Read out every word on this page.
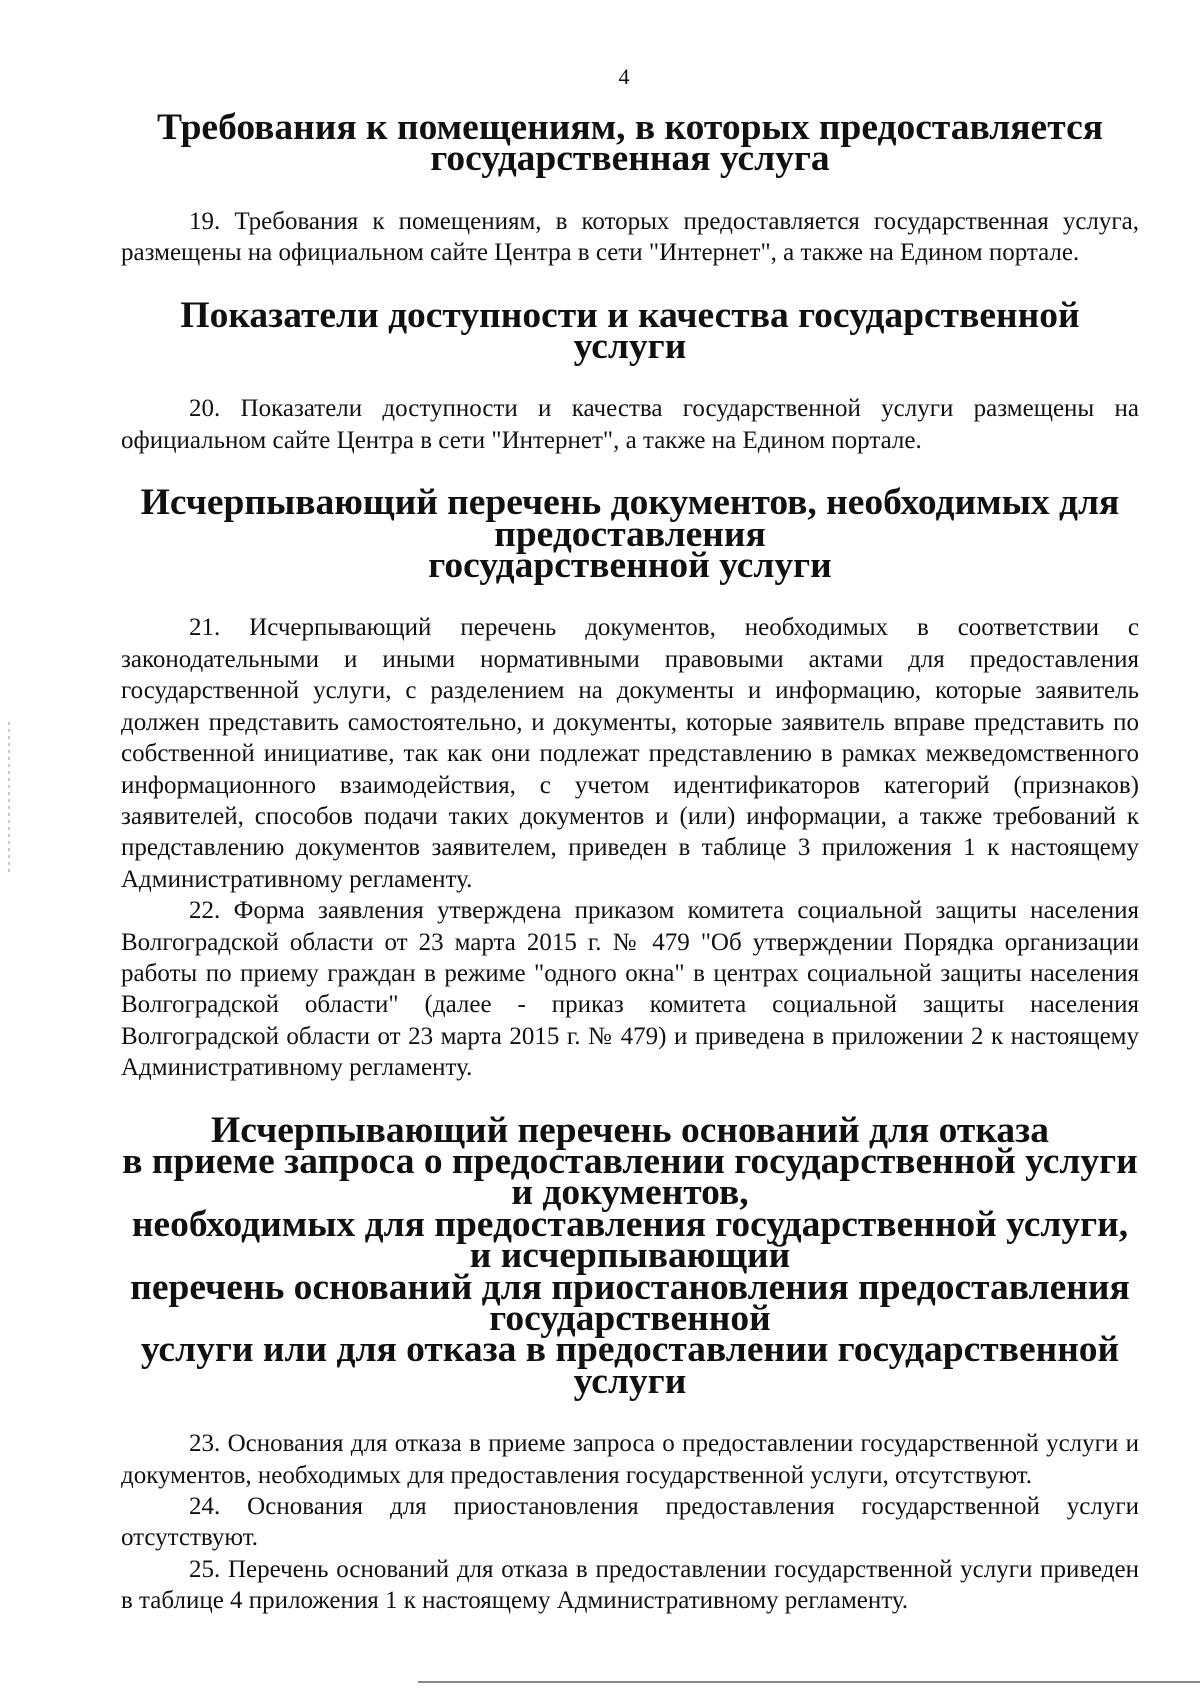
4
Требования к помещениям, в которых предоставляется государственная услуга

19. Требования к помещениям, в которых предоставляется государственная услуга, размещены на официальном сайте Центра в сети "Интернет", а также на Едином портале.

Показатели доступности и качества государственной услуги

20. Показатели доступности и качества государственной услуги размещены на официальном сайте Центра в сети "Интернет", а также на Едином портале.

Исчерпывающий перечень документов, необходимых для предоставления
государственной услуги

21. Исчерпывающий перечень документов, необходимых в соответствии с законодательными и иными нормативными правовыми актами для предоставления государственной услуги, с разделением на документы и информацию, которые заявитель должен представить самостоятельно, и документы, которые заявитель вправе представить по собственной инициативе, так как они подлежат представлению в рамках межведомственного информационного взаимодействия, с учетом идентификаторов категорий (признаков) заявителей, способов подачи таких документов и (или) информации, а также требований к представлению документов заявителем, приведен в таблице 3 приложения 1 к настоящему Административному регламенту.

22. Форма заявления утверждена приказом комитета социальной защиты населения Волгоградской области от 23 марта 2015 г. № 479 "Об утверждении Порядка организации работы по приему граждан в режиме "одного окна" в центрах социальной защиты населения Волгоградской области" (далее - приказ комитета социальной защиты населения Волгоградской области от 23 марта 2015 г. № 479) и приведена в приложении 2 к настоящему Административному регламенту.

Исчерпывающий перечень оснований для отказа
в приеме запроса о предоставлении государственной услуги и документов,
необходимых для предоставления государственной услуги, и исчерпывающий
перечень оснований для приостановления предоставления государственной
услуги или для отказа в предоставлении государственной услуги

23. Основания для отказа в приеме запроса о предоставлении государственной услуги и документов, необходимых для предоставления государственной услуги, отсутствуют.

24. Основания для приостановления предоставления государственной услуги отсутствуют.

25. Перечень оснований для отказа в предоставлении государственной услуги приведен в таблице 4 приложения 1 к настоящему Административному регламенту.
